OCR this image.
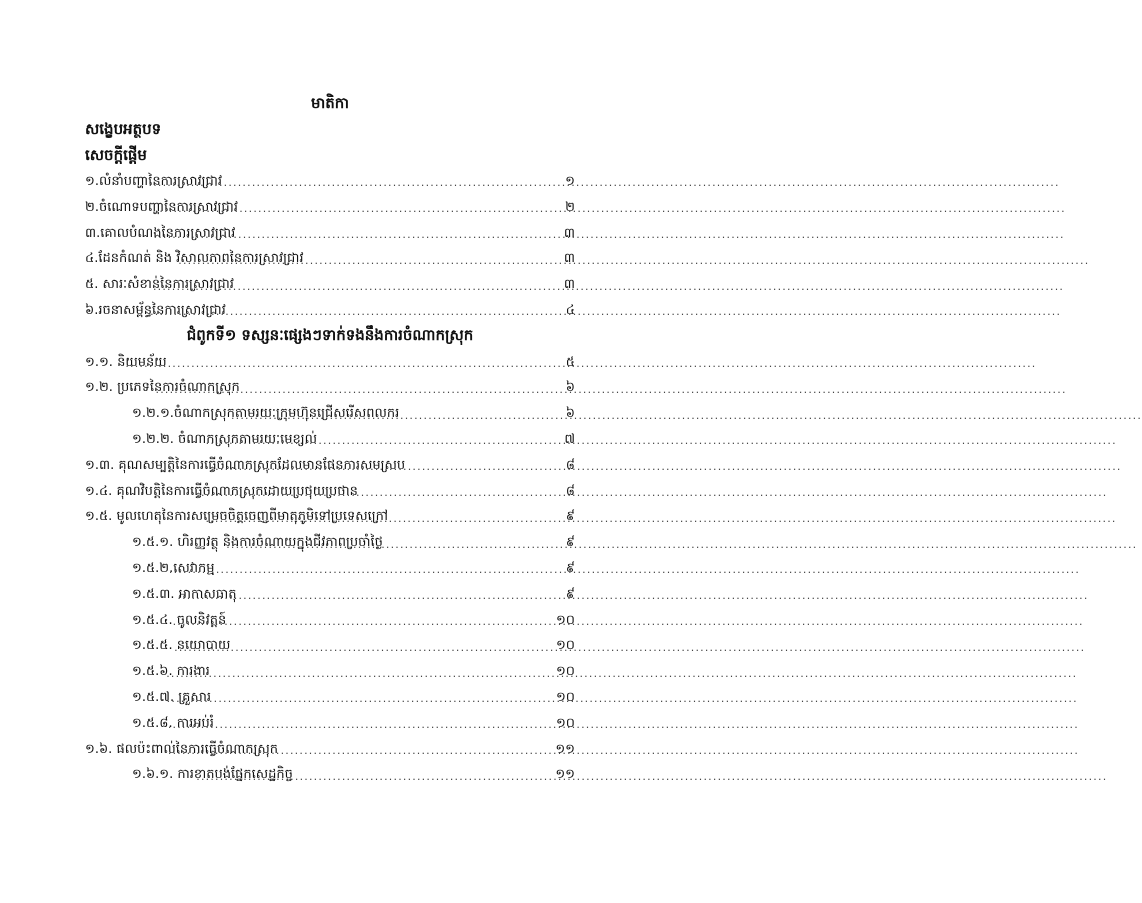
មាតិកា
សង្ខេបអត្ថបទ
សេចក្ដីផ្ដើម
១.លំនាំបញ្ហានៃការស្រាវជ្រាវ .....	១
២.ចំណោទបញ្ហានៃការស្រាវជ្រាវ .....	២
៣.គោលបំណងនៃការស្រាវជ្រាវ .....	៣
៤.ដែនកំណត់ និង វិសាលភាពនៃការស្រាវជ្រាវ .....	៣
៥. សារៈសំខាន់នៃការស្រាវជ្រាវ .....	៣
៦.រចនាសម្ព័ន្ធនៃការស្រាវជ្រាវ .....	៤
ជំពូកទី១ ទស្សនៈផ្សេងៗទាក់ទងនឹងការចំណាកស្រុក
១.១. និយមន័យ .....	៥
១.២. ប្រភេទនៃការចំណាកស្រុក .....	៦
១.២.១.ចំណាកស្រុកតាមរយៈក្រុមហ៊ុនជ្រើសរើសពលករ .....	៦
១.២.២. ចំណាកស្រុកតាមរយៈមេខ្យល់ .....	៧
១.៣. គុណសម្បត្តិនៃការធ្វើចំណាកស្រុកដែលមានផែនការសមស្រប .....	៨
១.៤. គុណវិបត្តិនៃការធ្វើចំណាកស្រុកដោយប្រថុយប្រថាន .....	៨
១.៥. មូលហេតុនៃការសម្រេចចិត្តចេញពីមាតុភូមិទៅប្រទេសក្រៅ .....	៩
១.៥.១. ហិរញ្ញវត្ថុ និងការចំណាយក្នុងជីវភាពប្រចាំថ្ងៃ .....	៩
១.៥.២.សេវាកម្ម .....	៩
១.៥.៣. អាកាសធាតុ .....	៩
១.៥.៤. ចូលនិវត្តន៍ .....	១០
១.៥.៥. នយោបាយ .....	១០
១.៥.៦. ការងារ .....	១០
១.៥.៧. គ្រួសារ .....	១០
១.៥.៨. ការអប់រំ .....	១០
១.៦. ផលប៉ះពាល់នៃការធ្វើចំណាកស្រុក .....	១១
១.៦.១. ការខាតបង់ផ្នែកសេដ្ឋកិច្ច .....	១១
